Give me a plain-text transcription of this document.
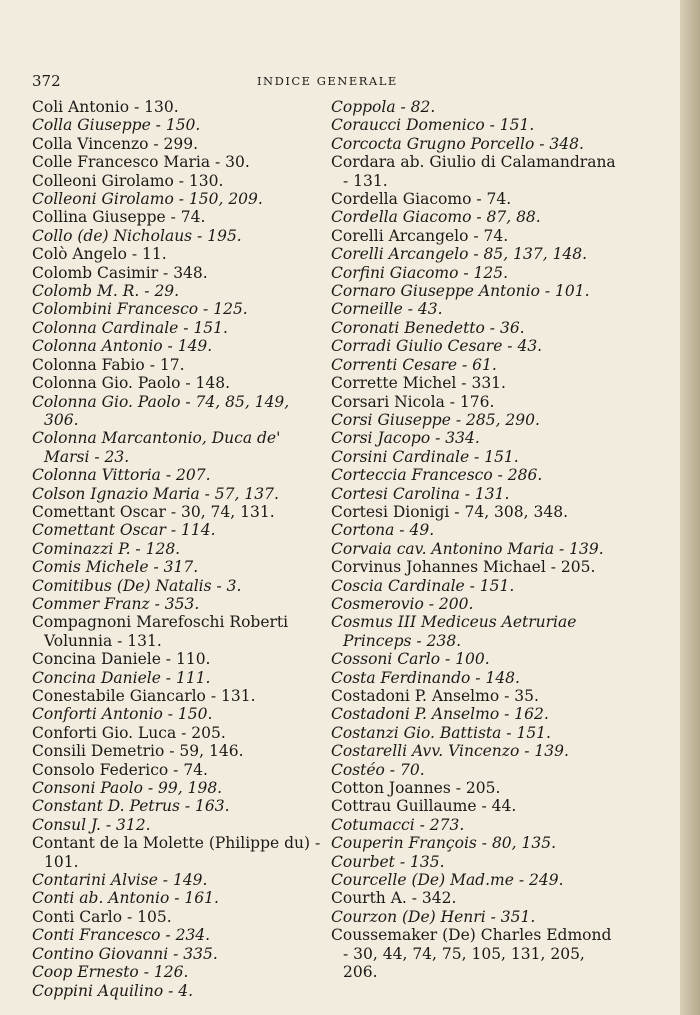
372	INDICE GENERALE
Coli Antonio - 130.
Colla Giuseppe - 150.
Colla Vincenzo - 299.
Colle Francesco Maria - 30.
Colleoni Girolamo - 130.
Colleoni Girolamo - 150, 209.
Collina Giuseppe - 74.
Collo (de) Nicholaus - 195.
Colò Angelo - 11.
Colomb Casimir - 348.
Colomb M. R. - 29.
Colombini Francesco - 125.
Colonna Cardinale - 151.
Colonna Antonio - 149.
Colonna Fabio - 17.
Colonna Gio. Paolo - 148.
Colonna Gio. Paolo - 74, 85, 149, 306.
Colonna Marcantonio, Duca de' Marsi - 23.
Colonna Vittoria - 207.
Colson Ignazio Maria - 57, 137.
Comettant Oscar - 30, 74, 131.
Comettant Oscar - 114.
Cominazzi P. - 128.
Comis Michele - 317.
Comitibus (De) Natalis - 3.
Commer Franz - 353.
Compagnoni Marefoschi Roberti Volunnia - 131.
Concina Daniele - 110.
Concina Daniele - 111.
Conestabile Giancarlo - 131.
Conforti Antonio - 150.
Conforti Gio. Luca - 205.
Consili Demetrio - 59, 146.
Consolo Federico - 74.
Consoni Paolo - 99, 198.
Constant D. Petrus - 163.
Consul J. - 312.
Contant de la Molette (Philippe du) - 101.
Contarini Alvise - 149.
Conti ab. Antonio - 161.
Conti Carlo - 105.
Conti Francesco - 234.
Contino Giovanni - 335.
Coop Ernesto - 126.
Coppini Aquilino - 4.
Coppola - 82.
Coraucci Domenico - 151.
Corcocta Grugno Porcello - 348.
Cordara ab. Giulio di Calamandrana - 131.
Cordella Giacomo - 74.
Cordella Giacomo - 87, 88.
Corelli Arcangelo - 74.
Corelli Arcangelo - 85, 137, 148.
Corfini Giacomo - 125.
Cornaro Giuseppe Antonio - 101.
Corneille - 43.
Coronati Benedetto - 36.
Corradi Giulio Cesare - 43.
Correnti Cesare - 61.
Corrette Michel - 331.
Corsari Nicola - 176.
Corsi Giuseppe - 285, 290.
Corsi Jacopo - 334.
Corsini Cardinale - 151.
Corteccia Francesco - 286.
Cortesi Carolina - 131.
Cortesi Dionigi - 74, 308, 348.
Cortona - 49.
Corvaia cav. Antonino Maria - 139.
Corvinus Johannes Michael - 205.
Coscia Cardinale - 151.
Cosmerovio - 200.
Cosmus III Mediceus Aetruriae Princeps - 238.
Cossoni Carlo - 100.
Costa Ferdinando - 148.
Costadoni P. Anselmo - 35.
Costadoni P. Anselmo - 162.
Costanzi Gio. Battista - 151.
Costarelli Avv. Vincenzo - 139.
Costéo - 70.
Cotton Joannes - 205.
Cottrau Guillaume - 44.
Cotumacci - 273.
Couperin François - 80, 135.
Courbet - 135.
Courcelle (De) Mad.me - 249.
Courth A. - 342.
Courzon (De) Henri - 351.
Coussemaker (De) Charles Edmond - 30, 44, 74, 75, 105, 131, 205, 206.
